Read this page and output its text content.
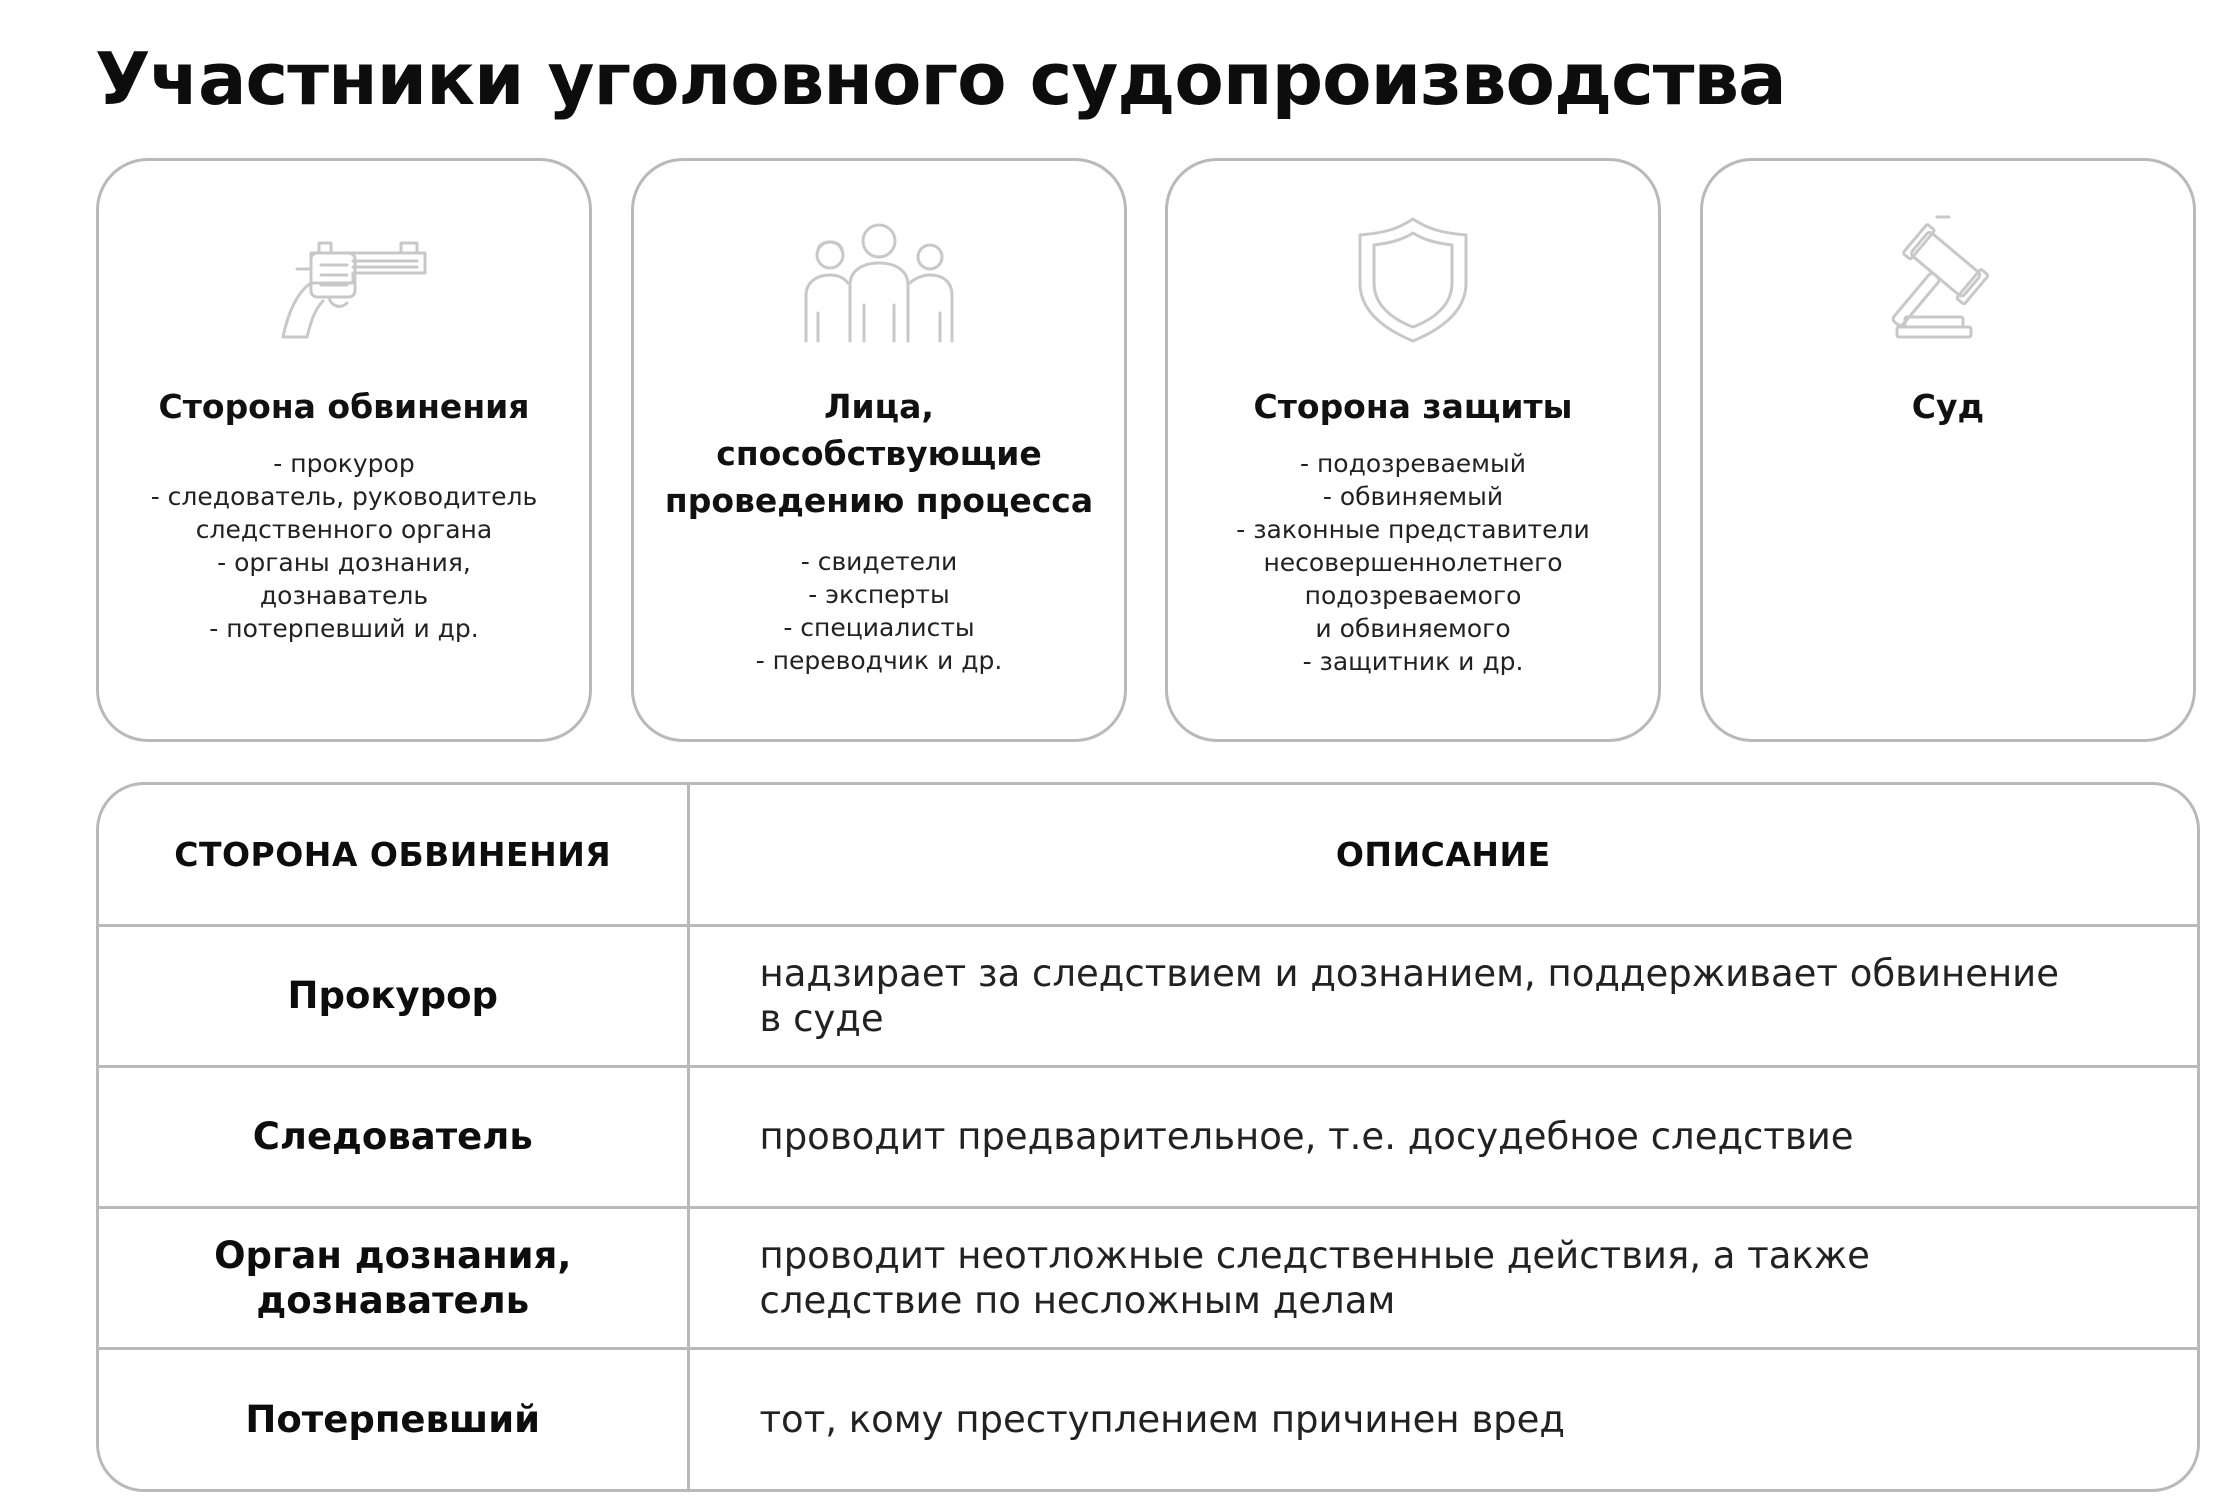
Участники уголовного судопроизводства
Сторона обвинения
- прокурор
- следователь, руководитель
следственного органа
- органы дознания,
дознаватель
- потерпевший и др.
Лица,
способствующие
проведению процесса
- свидетели
- эксперты
- специалисты
- переводчик и др.
Сторона защиты
- подозреваемый
- обвиняемый
- законные представители
несовершеннолетнего
подозреваемого
и обвиняемого
- защитник и др.
Суд
СТОРОНА ОБВИНЕНИЯ	ОПИСАНИЕ

Прокурор	надзирает за следствием и дознанием, поддерживает обвинение
в суде

Следователь	проводит предварительное, т.е. досудебное следствие

Орган дознания,
дознаватель	проводит неотложные следственные действия, а также
следствие по несложным делам

Потерпевший	тот, кому преступлением причинен вред
